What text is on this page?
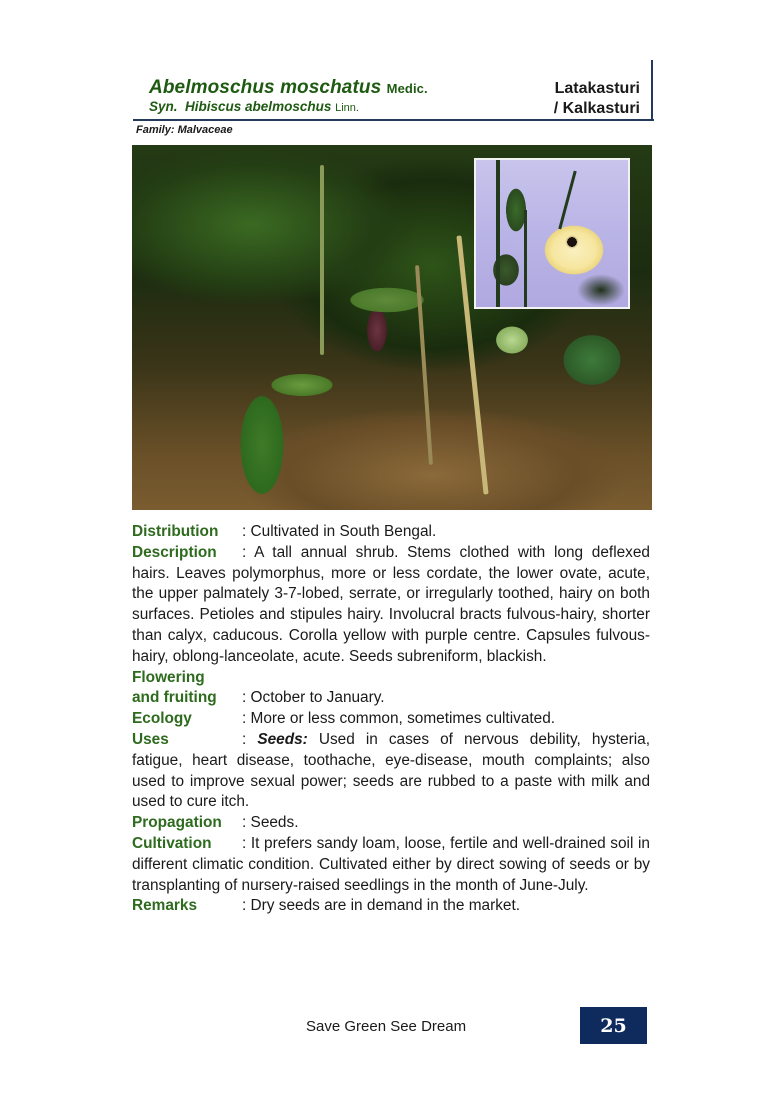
Abelmoschus moschatus Medic.
Syn. Hibiscus abelmoschus Linn.
Latakasturi
/ Kalkasturi
Family: Malvaceae
Distribution : Cultivated in South Bengal.
Description : A tall annual shrub. Stems clothed with long deflexed hairs. Leaves polymorphus, more or less cordate, the lower ovate, acute, the upper palmately 3-7-lobed, serrate, or irregularly toothed, hairy on both surfaces. Petioles and stipules hairy. Involucral bracts fulvous-hairy, shorter than calyx, caducous. Corolla yellow with purple centre. Capsules fulvous-hairy, oblong-lanceolate, acute. Seeds subreniform, blackish.
Flowering
and fruiting : October to January.
Ecology	: More or less common, sometimes cultivated.
Uses	: Seeds: Used in cases of nervous debility, hysteria, fatigue, heart disease, toothache, eye-disease, mouth complaints; also used to improve sexual power; seeds are rubbed to a paste with milk and used to cure itch.
Propagation : Seeds.
Cultivation : It prefers sandy loam, loose, fertile and well-drained soil in different climatic condition. Cultivated either by direct sowing of seeds or by transplanting of nursery-raised seedlings in the month of June-July.
Remarks	: Dry seeds are in demand in the market.
Save Green See Dream	25
